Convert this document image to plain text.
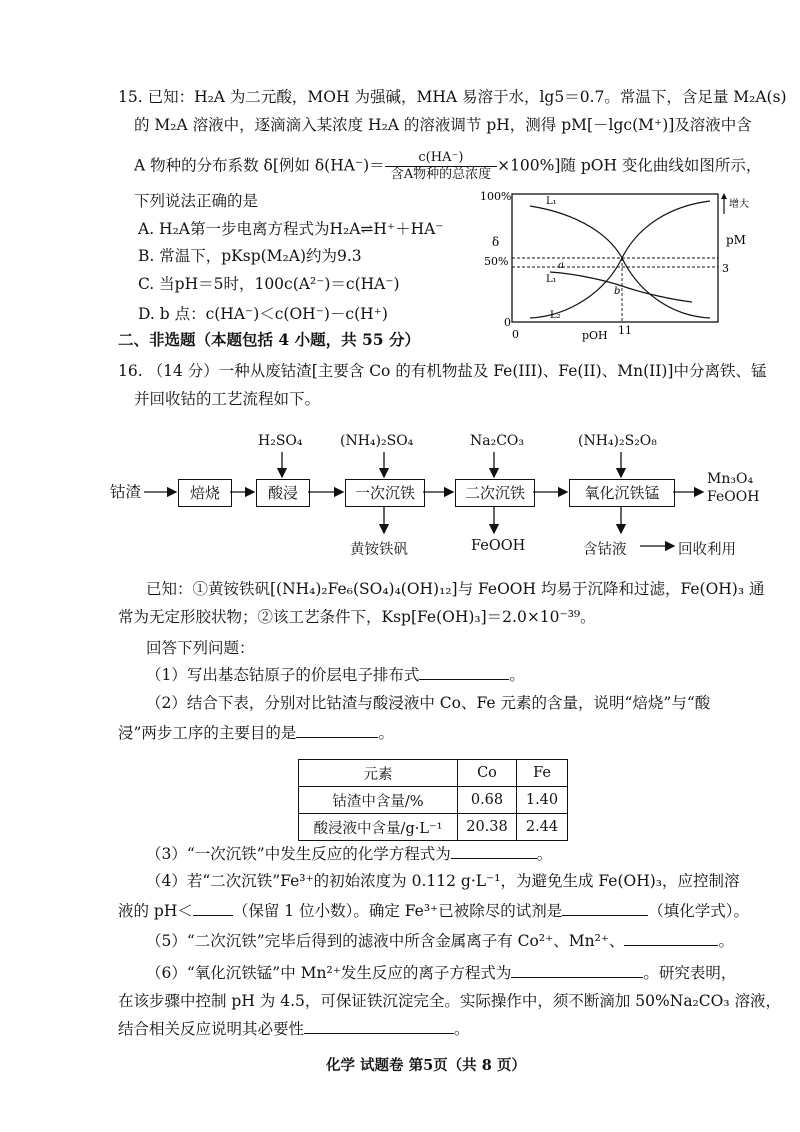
15. 已知：H₂A 为二元酸，MOH 为强碱，MHA 易溶于水，lg5＝0.7。常温下，含足量 M₂A(s)
的 M₂A 溶液中，逐滴滴入某浓度 H₂A 的溶液调节 pH，测得 pM[－lgc(M⁺)]及溶液中含
A 物种的分布系数 δ[例如 $\delta(HA^-)= \frac{c(HA^-)}{\text{含A物种的总浓度}} \times 100\%$]随 pOH 变化曲线如图所示，
下列说法正确的是
A. H₂A第一步电离方程式为H₂A⇌H⁺＋HA⁻
B. 常温下，pKsp(M₂A)约为9.3
C. 当pH＝5时，100c(A²⁻)＝c(HA⁻)
D. b 点：c(HA⁻)＜c(OH⁻)－c(H⁺)
100%
50%
0
0	pOH 11
δ	pM
3
增大
L₁
L₁
L₂
a
b
二、非选题（本题包括 4 小题，共 55 分）
16. （14 分）一种从废钴渣[主要含 Co 的有机物盐及 Fe(III)、Fe(II)、Mn(II)]中分离铁、锰
并回收钴的工艺流程如下。
钴渣	焙烧	酸浸	一次沉铁	二次沉铁	氧化沉铁锰
H₂SO₄	(NH₄)₂SO₄	Na₂CO₃	(NH₄)₂S₂O₈
Mn₃O₄
FeOOH
黄铵铁矾	FeOOH	含钴液	回收利用
已知：①黄铵铁矾[(NH₄)₂Fe₆(SO₄)₄(OH)₁₂]与 FeOOH 均易于沉降和过滤，Fe(OH)₃ 通
常为无定形胶状物；②该工艺条件下，Ksp[Fe(OH)₃]＝2.0×10⁻³⁹。
回答下列问题：
（1）写出基态钴原子的价层电子排布式	。
（2）结合下表，分别对比钴渣与酸浸液中 Co、Fe 元素的含量，说明“焙烧”与“酸
浸”两步工序的主要目的是	。
元素	Co	Fe
钴渣中含量/%	0.68	1.40
酸浸液中含量/g·L⁻¹	20.38	2.44
（3）“一次沉铁”中发生反应的化学方程式为	。
（4）若“二次沉铁”Fe³⁺的初始浓度为 0.112 g·L⁻¹，为避免生成 Fe(OH)₃，应控制溶
液的 pH＜	（保留 1 位小数）。确定 Fe³⁺已被除尽的试剂是	（填化学式）。
（5）“二次沉铁”完毕后得到的滤液中所含金属离子有 Co²⁺、Mn²⁺、	。
（6）“氧化沉铁锰”中 Mn²⁺发生反应的离子方程式为	。研究表明，
在该步骤中控制 pH 为 4.5，可保证铁沉淀完全。实际操作中，须不断滴加 50%Na₂CO₃ 溶液，
结合相关反应说明其必要性	。
化学 试题卷 第5页（共 8 页）
